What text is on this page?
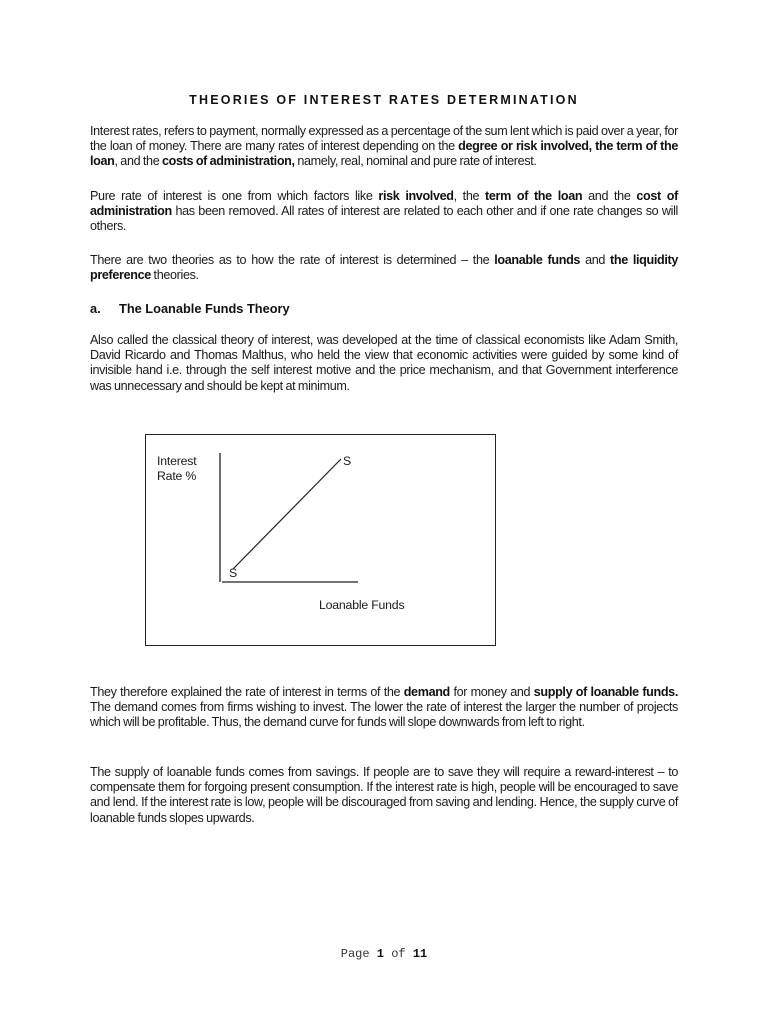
THEORIES OF INTEREST RATES DETERMINATION

Interest rates, refers to payment, normally expressed as a percentage of the sum lent which is paid over a year, for the loan of money. There are many rates of interest depending on the degree or risk involved, the term of the loan, and the costs of administration, namely, real, nominal and pure rate of interest.

Pure rate of interest is one from which factors like risk involved, the term of the loan and the cost of administration has been removed. All rates of interest are related to each other and if one rate changes so will others.

There are two theories as to how the rate of interest is determined – the loanable funds and the liquidity preference theories.

a. The Loanable Funds Theory

Also called the classical theory of interest, was developed at the time of classical economists like Adam Smith, David Ricardo and Thomas Malthus, who held the view that economic activities were guided by some kind of invisible hand i.e. through the self interest motive and the price mechanism, and that Government interference was unnecessary and should be kept at minimum.

Interest
Rate %
S
S
Loanable Funds

They therefore explained the rate of interest in terms of the demand for money and supply of loanable funds. The demand comes from firms wishing to invest. The lower the rate of interest the larger the number of projects which will be profitable. Thus, the demand curve for funds will slope downwards from left to right.

The supply of loanable funds comes from savings. If people are to save they will require a reward-interest – to compensate them for forgoing present consumption. If the interest rate is high, people will be encouraged to save and lend. If the interest rate is low, people will be discouraged from saving and lending. Hence, the supply curve of loanable funds slopes upwards.

Page 1 of 11
